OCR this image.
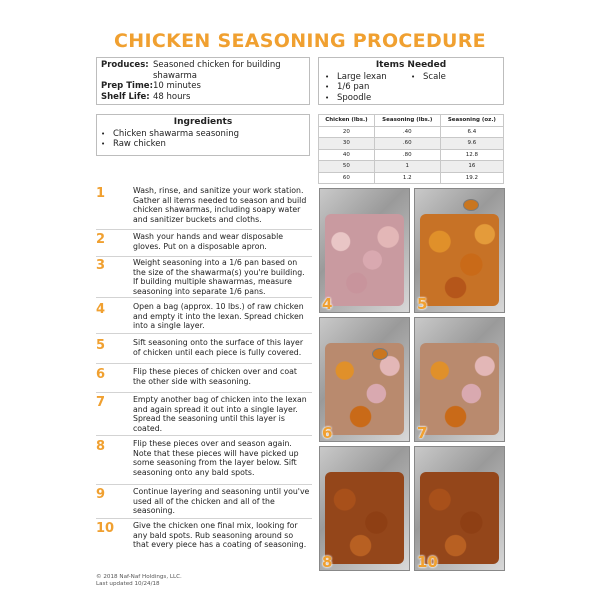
CHICKEN SEASONING PROCEDURE
Produces: Seasoned chicken for building shawarma
Prep Time: 10 minutes
Shelf Life: 48 hours
Items Needed
• Large lexan
• 1/6 pan
• Spoodle
• Scale
Ingredients
• Chicken shawarma seasoning
• Raw chicken
Chicken (lbs.)	Seasoning (lbs.)	Seasoning (oz.)
20	.40	6.4
30	.60	9.6
40	.80	12.8
50	1	16
60	1.2	19.2
1	Wash, rinse, and sanitize your work station. Gather all items needed to season and build chicken shawarmas, including soapy water and sanitizer buckets and cloths.
2	Wash your hands and wear disposable gloves. Put on a disposable apron.
3	Weight seasoning into a 1/6 pan based on the size of the shawarma(s) you're building. If building multiple shawarmas, measure seasoning into separate 1/6 pans.
4	Open a bag (approx. 10 lbs.) of raw chicken and empty it into the lexan. Spread chicken into a single layer.
5	Sift seasoning onto the surface of this layer of chicken until each piece is fully covered.
6	Flip these pieces of chicken over and coat the other side with seasoning.
7	Empty another bag of chicken into the lexan and again spread it out into a single layer. Spread the seasoning until this layer is coated.
8	Flip these pieces over and season again. Note that these pieces will have picked up some seasoning from the layer below. Sift seasoning onto any bald spots.
9	Continue layering and seasoning until you've used all of the chicken and all of the seasoning.
10 Give the chicken one final mix, looking for any bald spots. Rub seasoning around so that every piece has a coating of seasoning.
4	5
6	7
8	10
© 2018 Naf-Naf Holdings, LLC.
Last updated 10/24/18
